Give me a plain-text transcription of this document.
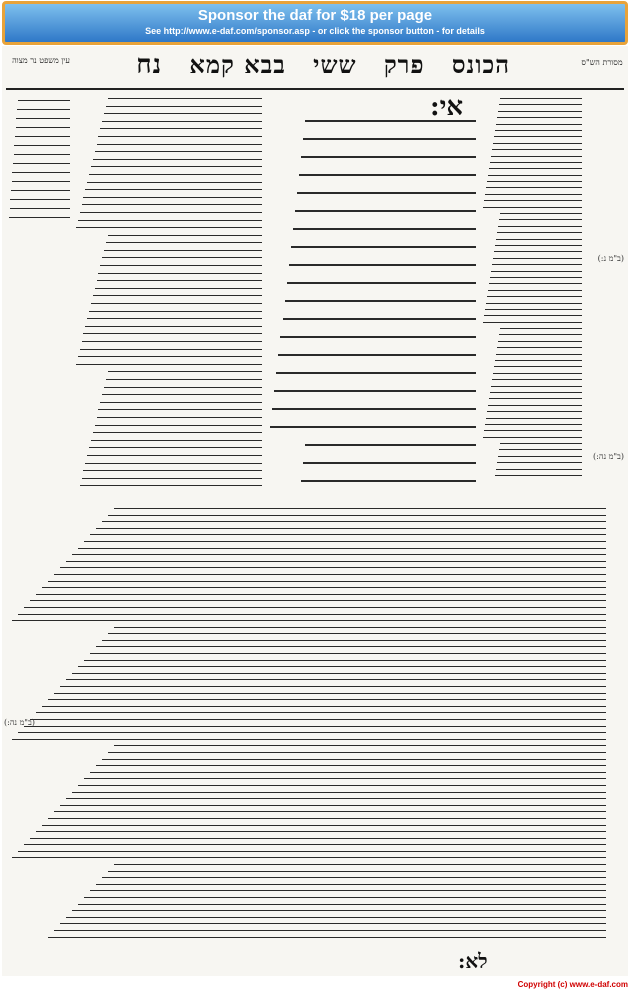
Sponsor the daf for $18 per page
See http://www.e-daf.com/sponsor.asp - or click the sponsor button - for details
הכונס פרק ששי בבא קמא נח
עין משפט נר מצוה	מסורת הש"ס
אי:
(ב"מ נ:)
(ב"מ נה:)
(ב"מ נה:)
לא:
Copyright (c) www.e-daf.com
